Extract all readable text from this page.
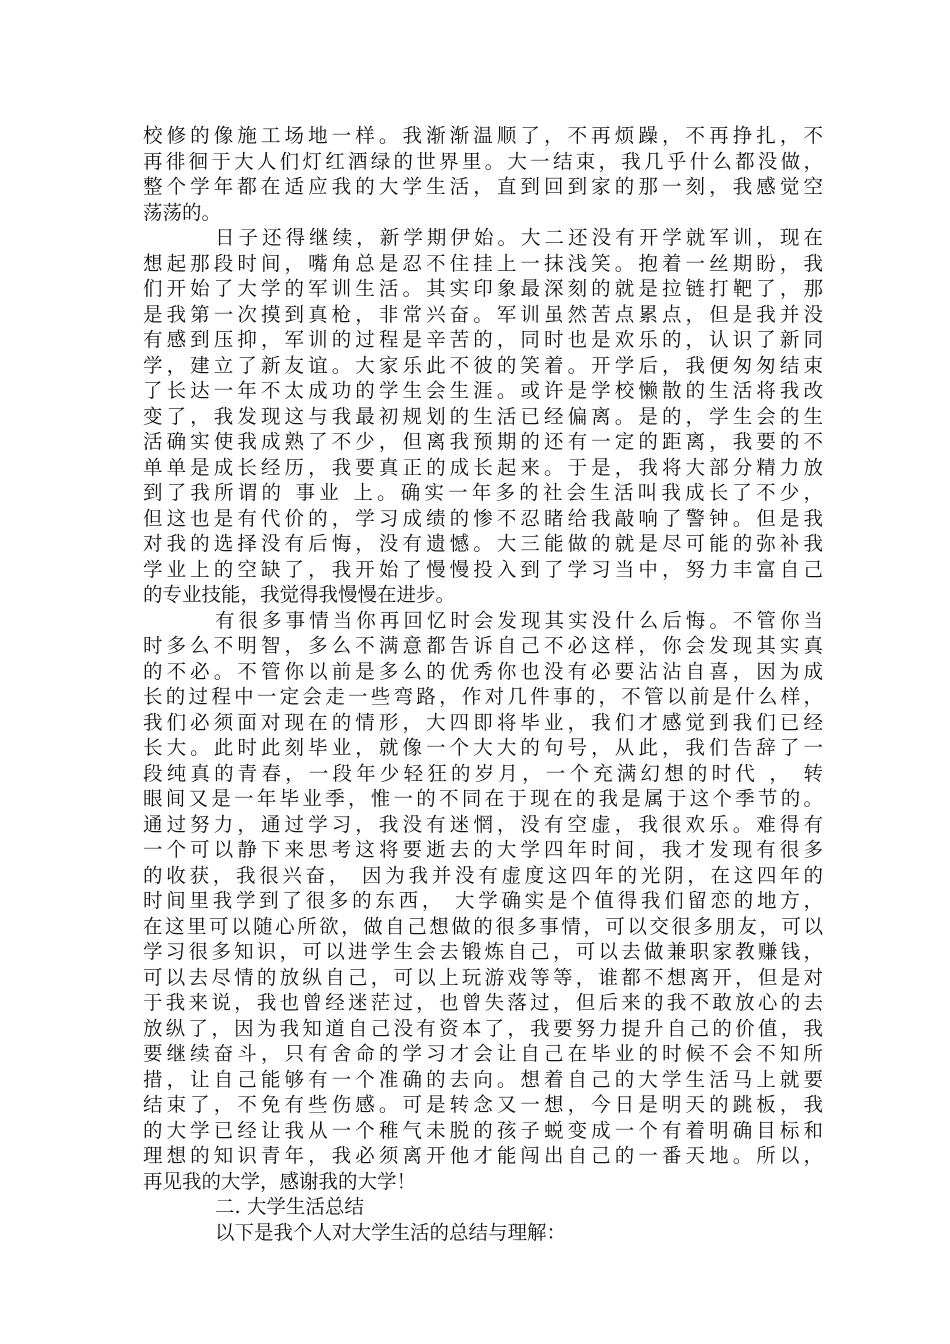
校修的像施工场地一样。我渐渐温顺了，不再烦躁，不再挣扎，不
再徘徊于大人们灯红酒绿的世界里。大一结束，我几乎什么都没做，
整个学年都在适应我的大学生活，直到回到家的那一刻，我感觉空
荡荡的。
日子还得继续，新学期伊始。大二还没有开学就军训，现在
想起那段时间，嘴角总是忍不住挂上一抹浅笑。抱着一丝期盼，我
们开始了大学的军训生活。其实印象最深刻的就是拉链打靶了，那
是我第一次摸到真枪，非常兴奋。军训虽然苦点累点，但是我并没
有感到压抑，军训的过程是辛苦的，同时也是欢乐的，认识了新同
学，建立了新友谊。大家乐此不彼的笑着。开学后，我便匆匆结束
了长达一年不太成功的学生会生涯。或许是学校懒散的生活将我改
变了，我发现这与我最初规划的生活已经偏离。是的，学生会的生
活确实使我成熟了不少，但离我预期的还有一定的距离，我要的不
单单是成长经历，我要真正的成长起来。于是，我将大部分精力放
到了我所谓的 事业 上。确实一年多的社会生活叫我成长了不少，
但这也是有代价的，学习成绩的惨不忍睹给我敲响了警钟。但是我
对我的选择没有后悔，没有遗憾。大三能做的就是尽可能的弥补我
学业上的空缺了，我开始了慢慢投入到了学习当中，努力丰富自己
的专业技能，我觉得我慢慢在进步。
有很多事情当你再回忆时会发现其实没什么后悔。不管你当
时多么不明智，多么不满意都告诉自己不必这样，你会发现其实真
的不必。不管你以前是多么的优秀你也没有必要沾沾自喜，因为成
长的过程中一定会走一些弯路，作对几件事的，不管以前是什么样，
我们必须面对现在的情形，大四即将毕业，我们才感觉到我们已经
长大。此时此刻毕业，就像一个大大的句号，从此，我们告辞了一
段纯真的青春，一段年少轻狂的岁月，一个充满幻想的时代 ， 转
眼间又是一年毕业季，惟一的不同在于现在的我是属于这个季节的。
通过努力，通过学习，我没有迷惘，没有空虚，我很欢乐。难得有
一个可以静下来思考这将要逝去的大学四年时间，我才发现有很多
的收获，我很兴奋， 因为我并没有虚度这四年的光阴，在这四年的
时间里我学到了很多的东西， 大学确实是个值得我们留恋的地方，
在这里可以随心所欲，做自己想做的很多事情，可以交很多朋友，可以
学习很多知识，可以进学生会去锻炼自己，可以去做兼职家教赚钱，
可以去尽情的放纵自己，可以上玩游戏等等，谁都不想离开，但是对
于我来说，我也曾经迷茫过，也曾失落过，但后来的我不敢放心的去
放纵了，因为我知道自己没有资本了，我要努力提升自己的价值，我
要继续奋斗，只有舍命的学习才会让自己在毕业的时候不会不知所
措，让自己能够有一个准确的去向。想着自己的大学生活马上就要
结束了，不免有些伤感。可是转念又一想，今日是明天的跳板，我
的大学已经让我从一个稚气未脱的孩子蜕变成一个有着明确目标和
理想的知识青年，我必须离开他才能闯出自己的一番天地。所以，
再见我的大学，感谢我的大学！
二. 大学生活总结
以下是我个人对大学生活的总结与理解：
